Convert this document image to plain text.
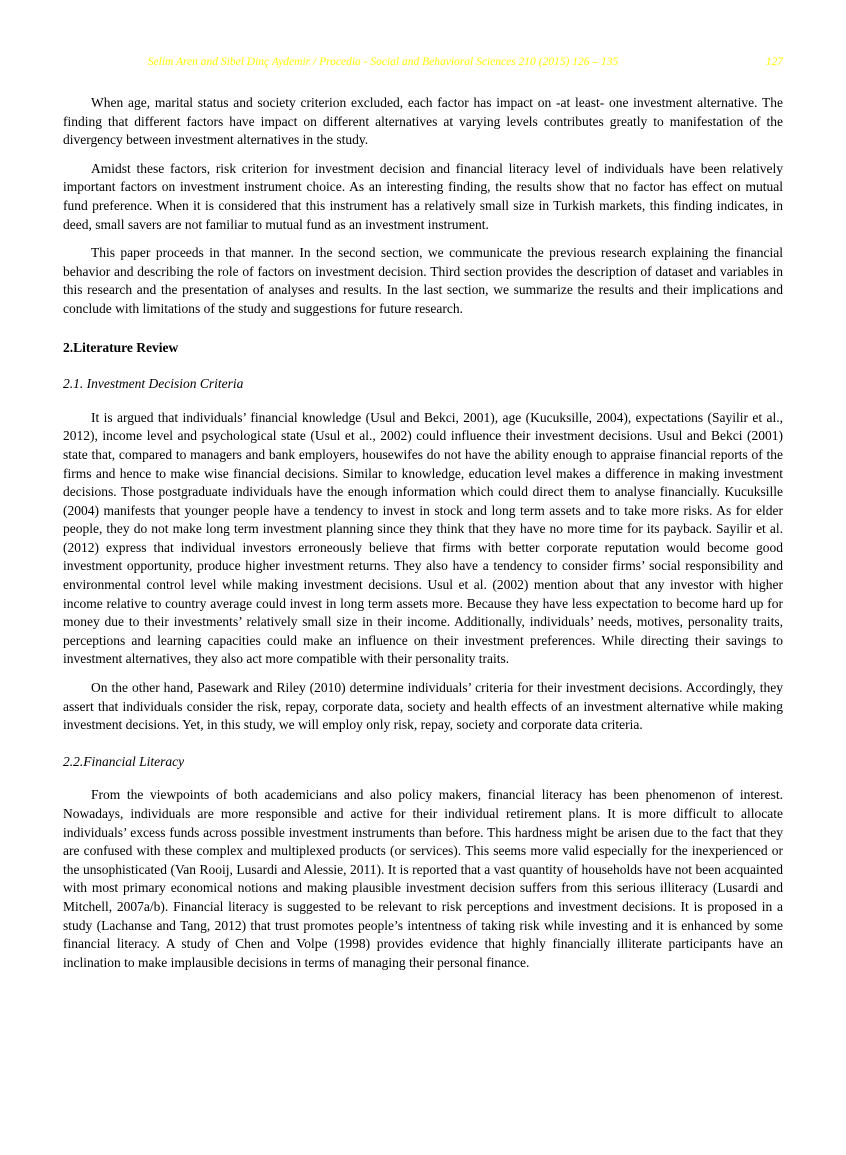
Selim Aren and Sibel Dinç Aydemir / Procedia - Social and Behavioral Sciences 210 (2015) 126 – 135	127

When age, marital status and society criterion excluded, each factor has impact on -at least- one investment alternative. The finding that different factors have impact on different alternatives at varying levels contributes greatly to manifestation of the divergency between investment alternatives in the study.

Amidst these factors, risk criterion for investment decision and financial literacy level of individuals have been relatively important factors on investment instrument choice. As an interesting finding, the results show that no factor has effect on mutual fund preference. When it is considered that this instrument has a relatively small size in Turkish markets, this finding indicates, in deed, small savers are not familiar to mutual fund as an investment instrument.

This paper proceeds in that manner. In the second section, we communicate the previous research explaining the financial behavior and describing the role of factors on investment decision. Third section provides the description of dataset and variables in this research and the presentation of analyses and results. In the last section, we summarize the results and their implications and conclude with limitations of the study and suggestions for future research.

2.Literature Review
2.1. Investment Decision Criteria

It is argued that individuals’ financial knowledge (Usul and Bekci, 2001), age (Kucuksille, 2004), expectations (Sayilir et al., 2012), income level and psychological state (Usul et al., 2002) could influence their investment decisions. Usul and Bekci (2001) state that, compared to managers and bank employers, housewifes do not have the ability enough to appraise financial reports of the firms and hence to make wise financial decisions. Similar to knowledge, education level makes a difference in making investment decisions. Those postgraduate individuals have the enough information which could direct them to analyse financially. Kucuksille (2004) manifests that younger people have a tendency to invest in stock and long term assets and to take more risks. As for elder people, they do not make long term investment planning since they think that they have no more time for its payback. Sayilir et al. (2012) express that individual investors erroneously believe that firms with better corporate reputation would become good investment opportunity, produce higher investment returns. They also have a tendency to consider firms’ social responsibility and environmental control level while making investment decisions. Usul et al. (2002) mention about that any investor with higher income relative to country average could invest in long term assets more. Because they have less expectation to become hard up for money due to their investments’ relatively small size in their income. Additionally, individuals’ needs, motives, personality traits, perceptions and learning capacities could make an influence on their investment preferences. While directing their savings to investment alternatives, they also act more compatible with their personality traits.

On the other hand, Pasewark and Riley (2010) determine individuals’ criteria for their investment decisions. Accordingly, they assert that individuals consider the risk, repay, corporate data, society and health effects of an investment alternative while making investment decisions. Yet, in this study, we will employ only risk, repay, society and corporate data criteria.

2.2.Financial Literacy

From the viewpoints of both academicians and also policy makers, financial literacy has been phenomenon of interest. Nowadays, individuals are more responsible and active for their individual retirement plans. It is more difficult to allocate individuals’ excess funds across possible investment instruments than before. This hardness might be arisen due to the fact that they are confused with these complex and multiplexed products (or services). This seems more valid especially for the inexperienced or the unsophisticated (Van Rooij, Lusardi and Alessie, 2011). It is reported that a vast quantity of households have not been acquainted with most primary economical notions and making plausible investment decision suffers from this serious illiteracy (Lusardi and Mitchell, 2007a/b). Financial literacy is suggested to be relevant to risk perceptions and investment decisions. It is proposed in a study (Lachanse and Tang, 2012) that trust promotes people’s intentness of taking risk while investing and it is enhanced by some financial literacy. A study of Chen and Volpe (1998) provides evidence that highly financially illiterate participants have an inclination to make implausible decisions in terms of managing their personal finance.
